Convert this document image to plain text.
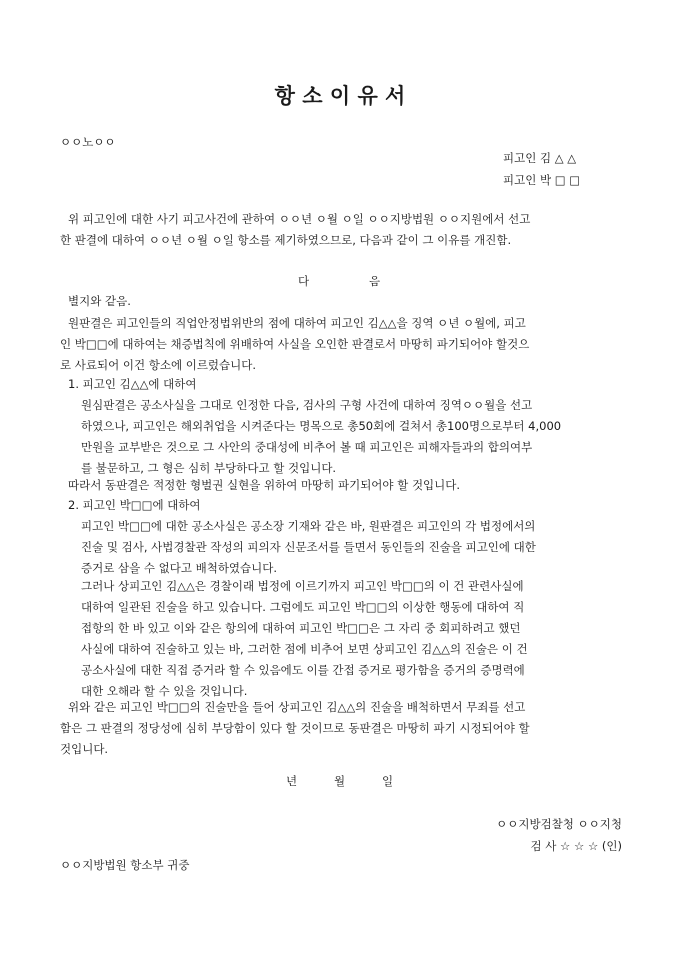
항 소 이 유 서
ㅇㅇ노ㅇㅇ
피고인 김 △ △
피고인 박 □ □
위 피고인에 대한 사기 피고사건에 관하여 ㅇㅇ년 ㅇ월 ㅇ일 ㅇㅇ지방법원 ㅇㅇ지원에서 선고
한 판결에 대하여 ㅇㅇ년 ㅇ월 ㅇ일 항소를 제기하였으므로, 다음과 같이 그 이유를 개진함.
다	음
별지와 같음.
원판결은 피고인들의 직업안정법위반의 점에 대하여 피고인 김△△을 징역 ㅇ년 ㅇ월에, 피고
인 박□□에 대하여는 채증법칙에 위배하여 사실을 오인한 판결로서 마땅히 파기되어야 할것으
로 사료되어 이건 항소에 이르렀습니다.
1. 피고인 김△△에 대하여
원심판결은 공소사실을 그대로 인정한 다음, 검사의 구형 사건에 대하여 징역ㅇㅇ월을 선고
하였으나, 피고인은 해외취업을 시켜준다는 명목으로 총50회에 걸쳐서 총100명으로부터 4,000
만원을 교부받은 것으로 그 사안의 중대성에 비추어 볼 때 피고인은 피해자들과의 합의여부
를 불문하고, 그 형은 심히 부당하다고 할 것입니다.
따라서 동판결은 적정한 형벌권 실현을 위하여 마땅히 파기되어야 할 것입니다.
2. 피고인 박□□에 대하여
피고인 박□□에 대한 공소사실은 공소장 기재와 같은 바, 원판결은 피고인의 각 법정에서의
진술 및 검사, 사법경찰관 작성의 피의자 신문조서를 들면서 동인들의 진술을 피고인에 대한
증거로 삼을 수 없다고 배척하였습니다.
그러나 상피고인 김△△은 경찰이래 법정에 이르기까지 피고인 박□□의 이 건 관련사실에
대하여 일관된 진술을 하고 있습니다. 그럼에도 피고인 박□□의 이상한 행동에 대하여 직
접항의 한 바 있고 이와 같은 항의에 대하여 피고인 박□□은 그 자리 중 회피하려고 했던
사실에 대하여 진술하고 있는 바, 그러한 점에 비추어 보면 상피고인 김△△의 진술은 이 건
공소사실에 대한 직접 증거라 할 수 있음에도 이를 간접 증거로 평가함을 증거의 증명력에
대한 오해라 할 수 있을 것입니다.
위와 같은 피고인 박□□의 진술만을 들어 상피고인 김△△의 진술을 배척하면서 무죄를 선고
함은 그 판결의 정당성에 심히 부당함이 있다 할 것이므로 동판결은 마땅히 파기 시정되어야 할
것입니다.
년	월	일
ㅇㅇ지방검찰청 ㅇㅇ지청
검 사 ☆ ☆ ☆ (인)
ㅇㅇ지방법원 항소부 귀중
